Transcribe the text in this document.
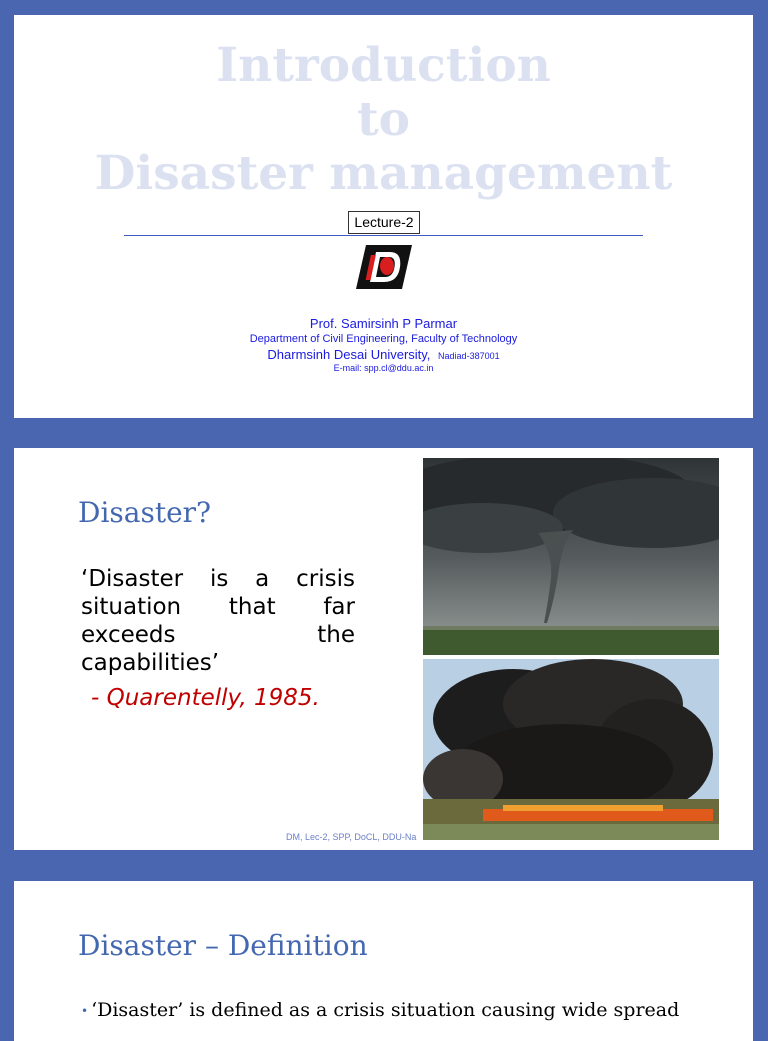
Introduction
to
Disaster management
Lecture-2
Prof. Samirsinh P Parmar
Department of Civil Engineering, Faculty of Technology
Dharmsinh Desai University, Nadiad-387001
E-mail: spp.cl@ddu.ac.in
Disaster?
‘Disaster is a crisis situation that far exceeds the capabilities’
- Quarentelly, 1985.
DM, Lec-2, SPP, DoCL, DDU-Na
Disaster – Definition
• ‘Disaster’ is defined as a crisis situation causing wide spread
